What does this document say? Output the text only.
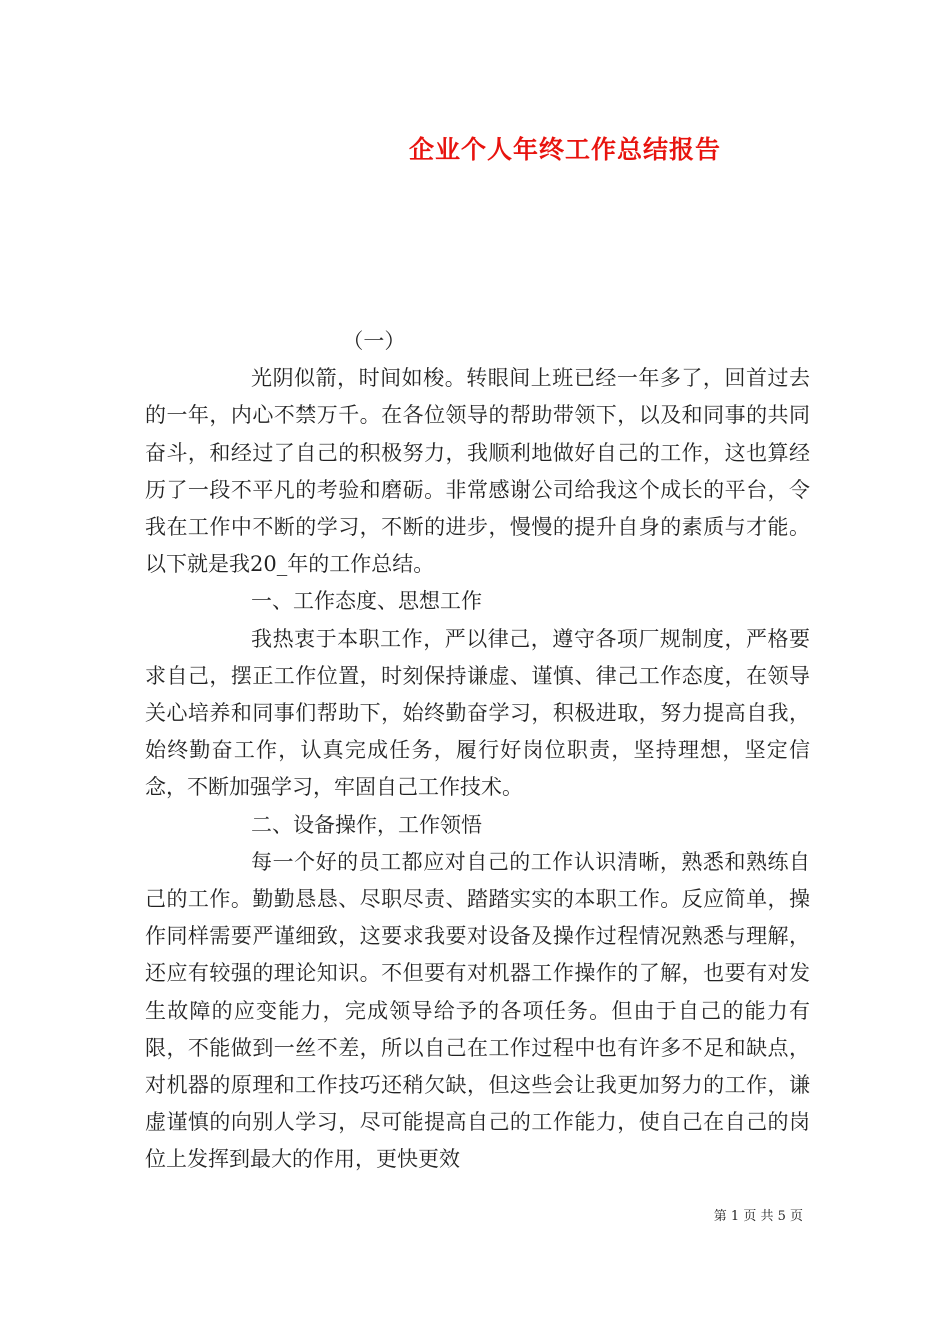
企业个人年终工作总结报告

（一）

光阴似箭，时间如梭。转眼间上班已经一年多了，回首过去的一年，内心不禁万千。在各位领导的帮助带领下，以及和同事的共同奋斗，和经过了自己的积极努力，我顺利地做好自己的工作，这也算经历了一段不平凡的考验和磨砺。非常感谢公司给我这个成长的平台，令我在工作中不断的学习，不断的进步，慢慢的提升自身的素质与才能。以下就是我20_年的工作总结。

一、工作态度、思想工作

我热衷于本职工作，严以律己，遵守各项厂规制度，严格要求自己，摆正工作位置，时刻保持谦虚、谨慎、律己工作态度，在领导关心培养和同事们帮助下，始终勤奋学习，积极进取，努力提高自我，始终勤奋工作，认真完成任务，履行好岗位职责，坚持理想，坚定信念，不断加强学习，牢固自己工作技术。

二、设备操作，工作领悟

每一个好的员工都应对自己的工作认识清晰，熟悉和熟练自己的工作。勤勤恳恳、尽职尽责、踏踏实实的本职工作。反应简单，操作同样需要严谨细致，这要求我要对设备及操作过程情况熟悉与理解，还应有较强的理论知识。不但要有对机器工作操作的了解，也要有对发生故障的应变能力，完成领导给予的各项任务。但由于自己的能力有限，不能做到一丝不差，所以自己在工作过程中也有许多不足和缺点，对机器的原理和工作技巧还稍欠缺，但这些会让我更加努力的工作，谦虚谨慎的向别人学习，尽可能提高自己的工作能力，使自己在自己的岗位上发挥到最大的作用，更快更效

第 1 页 共 5 页
